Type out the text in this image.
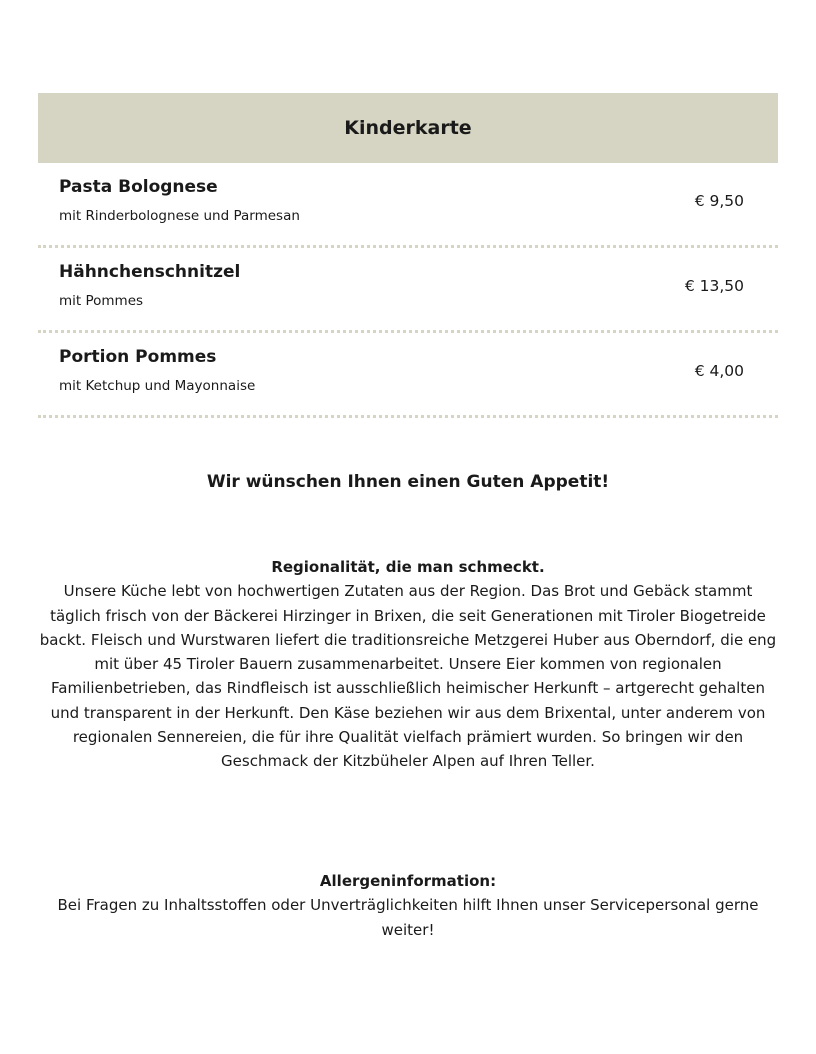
Kinderkarte
Pasta Bolognese
mit Rinderbolognese und Parmesan
€ 9,50
Hähnchenschnitzel
mit Pommes
€ 13,50
Portion Pommes
mit Ketchup und Mayonnaise
€ 4,00

Wir wünschen Ihnen einen Guten Appetit!

Regionalität, die man schmeckt.
Unsere Küche lebt von hochwertigen Zutaten aus der Region. Das Brot und Gebäck stammt täglich frisch von der Bäckerei Hirzinger in Brixen, die seit Generationen mit Tiroler Biogetreide backt. Fleisch und Wurstwaren liefert die traditionsreiche Metzgerei Huber aus Oberndorf, die eng mit über 45 Tiroler Bauern zusammenarbeitet. Unsere Eier kommen von regionalen Familienbetrieben, das Rindfleisch ist ausschließlich heimischer Herkunft – artgerecht gehalten und transparent in der Herkunft. Den Käse beziehen wir aus dem Brixental, unter anderem von regionalen Sennereien, die für ihre Qualität vielfach prämiert wurden. So bringen wir den Geschmack der Kitzbüheler Alpen auf Ihren Teller.
Allergeninformation:
Bei Fragen zu Inhaltsstoffen oder Unverträglichkeiten hilft Ihnen unser Servicepersonal gerne weiter!
